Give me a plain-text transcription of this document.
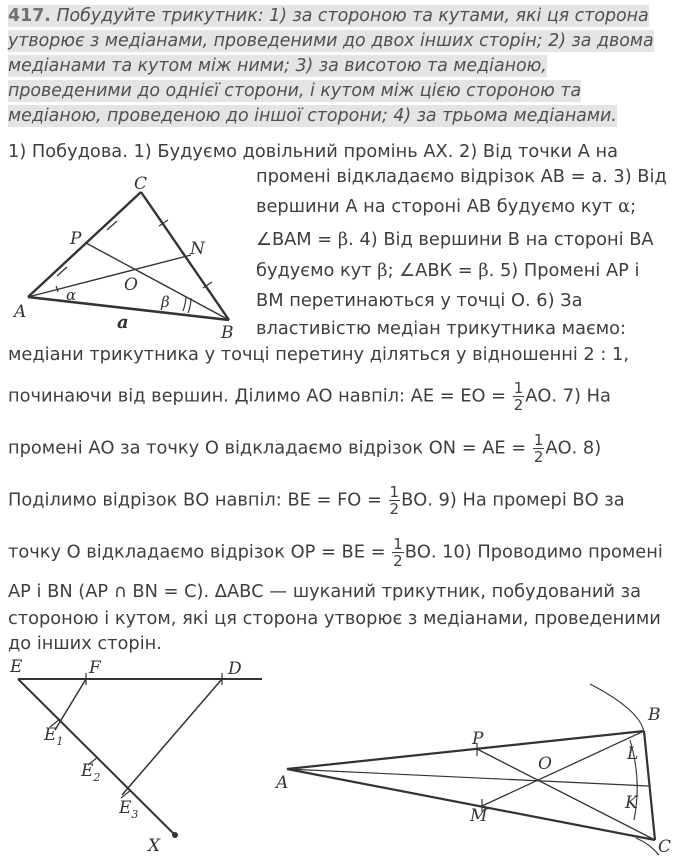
417. Побудуйте трикутник: 1) за стороною та кутами, які ця сторона
утворює з медіанами, проведеними до двох інших сторін; 2) за двома
медіанами та кутом між ними; 3) за висотою та медіаною,
проведеними до однієї сторони, і кутом між цією стороною та
медіаною, проведеною до іншої сторони; 4) за трьома медіанами.
1) Побудова. 1) Будуємо довільний промінь АХ. 2) Від точки А на
промені відкладаємо відрізок АВ = а. 3) Від
вершини А на стороні АВ будуємо кут α;
∠ВАМ = β. 4) Від вершини В на стороні ВА
будуємо кут β; ∠АВК = β. 5) Промені АР і
ВМ перетинаються у точці О. 6) За
властивістю медіан трикутника маємо:
медіани трикутника у точці перетину діляться у відношенні 2 : 1,
починаючи від вершин. Ділимо АО навпіл: АЕ = ЕО = $\frac{1}{2}$ АО. 7) На
промені АО за точку О відкладаємо відрізок ON = АЕ = $\frac{1}{2}$ АО. 8)
Поділимо відрізок ВО навпіл: ВЕ = FO = $\frac{1}{2}$ ВО. 9) На промері ВО за
точку О відкладаємо відрізок OP = ВЕ = $\frac{1}{2}$ ВО. 10) Проводимо промені
АР і BN (АР ∩ BN = С). ΔАВС — шуканий трикутник, побудований за
стороною і кутом, які ця сторона утворює з медіанами, проведеними
до інших сторін.
C
P	N
O
A
B
a
α	β
E	F	D
$E_1$
$E_2$
$E_3$
X
A
P
O
B
L
K
M
C
